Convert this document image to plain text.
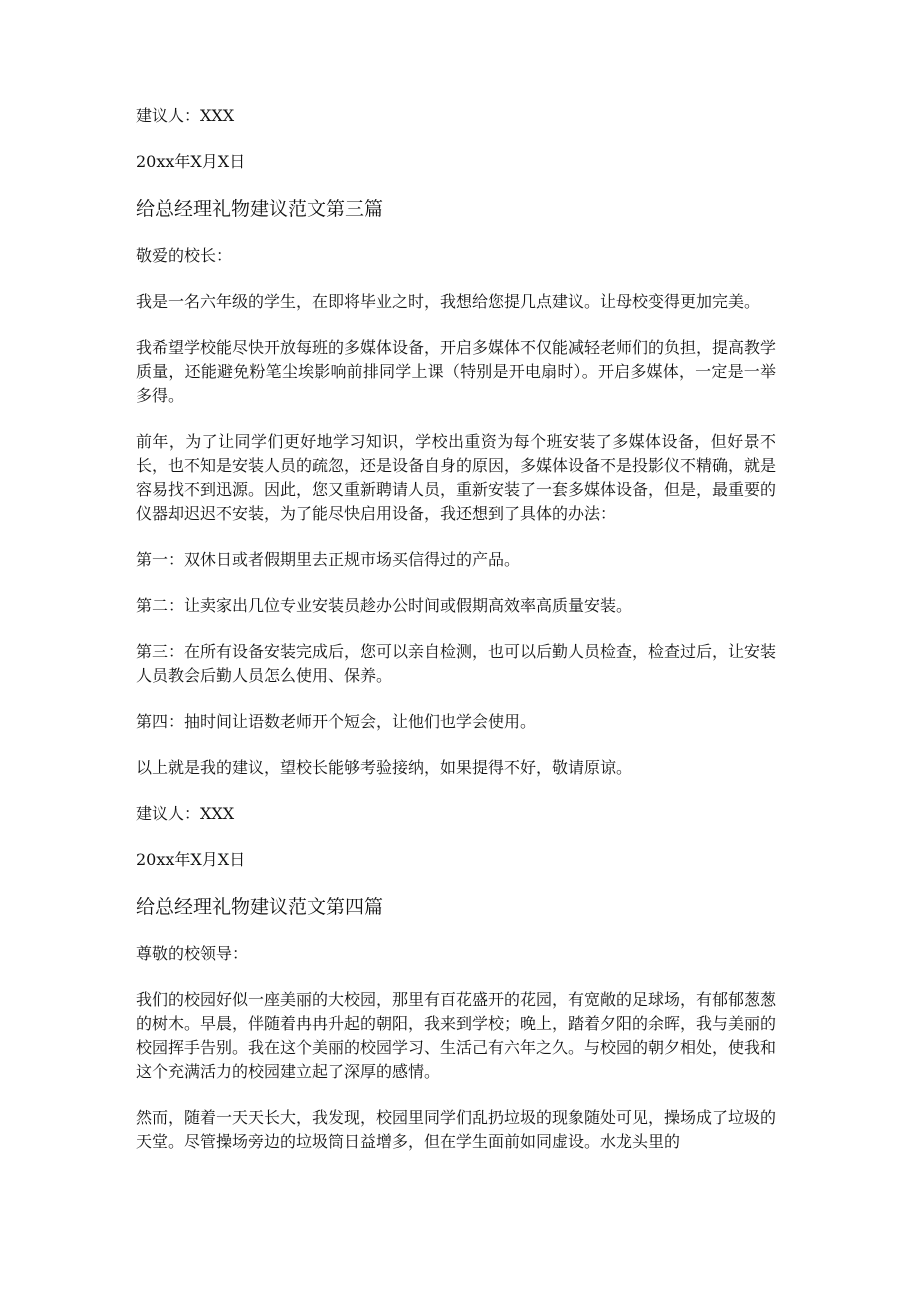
建议人：XXX

20xx年X月X日

给总经理礼物建议范文第三篇

敬爱的校长：

我是一名六年级的学生，在即将毕业之时，我想给您提几点建议。让母校变得更加完美。

我希望学校能尽快开放每班的多媒体设备，开启多媒体不仅能减轻老师们的负担，提高教学质量，还能避免粉笔尘埃影响前排同学上课（特别是开电扇时）。开启多媒体，一定是一举多得。

前年，为了让同学们更好地学习知识，学校出重资为每个班安装了多媒体设备，但好景不长，也不知是安装人员的疏忽，还是设备自身的原因，多媒体设备不是投影仪不精确，就是容易找不到迅源。因此，您又重新聘请人员，重新安装了一套多媒体设备，但是，最重要的仪器却迟迟不安装，为了能尽快启用设备，我还想到了具体的办法：

第一：双休日或者假期里去正规市场买信得过的产品。

第二：让卖家出几位专业安装员趁办公时间或假期高效率高质量安装。

第三：在所有设备安装完成后，您可以亲自检测，也可以后勤人员检查，检查过后，让安装人员教会后勤人员怎么使用、保养。

第四：抽时间让语数老师开个短会，让他们也学会使用。

以上就是我的建议，望校长能够考验接纳，如果提得不好，敬请原谅。

建议人：XXX

20xx年X月X日

给总经理礼物建议范文第四篇

尊敬的校领导：

我们的校园好似一座美丽的大校园，那里有百花盛开的花园，有宽敞的足球场，有郁郁葱葱的树木。早晨，伴随着冉冉升起的朝阳，我来到学校；晚上，踏着夕阳的余晖，我与美丽的校园挥手告别。我在这个美丽的校园学习、生活己有六年之久。与校园的朝夕相处，使我和这个充满活力的校园建立起了深厚的感情。

然而，随着一天天长大，我发现，校园里同学们乱扔垃圾的现象随处可见，操场成了垃圾的天堂。尽管操场旁边的垃圾筒日益增多，但在学生面前如同虚设。水龙头里的
